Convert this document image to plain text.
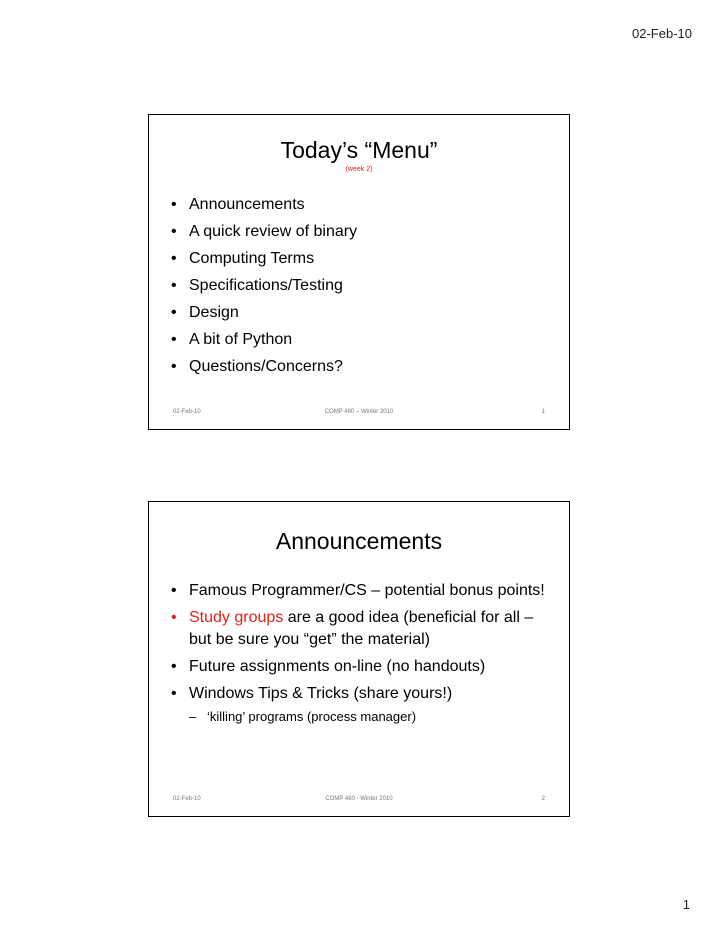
02-Feb-10
Today’s “Menu”
(week 2)
• Announcements
• A quick review of binary
• Computing Terms
• Specifications/Testing
• Design
• A bit of Python
• Questions/Concerns?
02-Feb-10	COMP 480 – Winter 2010	1
Announcements
• Famous Programmer/CS – potential bonus points!
• Study groups are a good idea (beneficial for all – but be sure you “get” the material)
• Future assignments on-line (no handouts)
• Windows Tips & Tricks (share yours!)
– ‘killing’ programs (process manager)
02-Feb-10	COMP 480 - Winter 2010	2
1
